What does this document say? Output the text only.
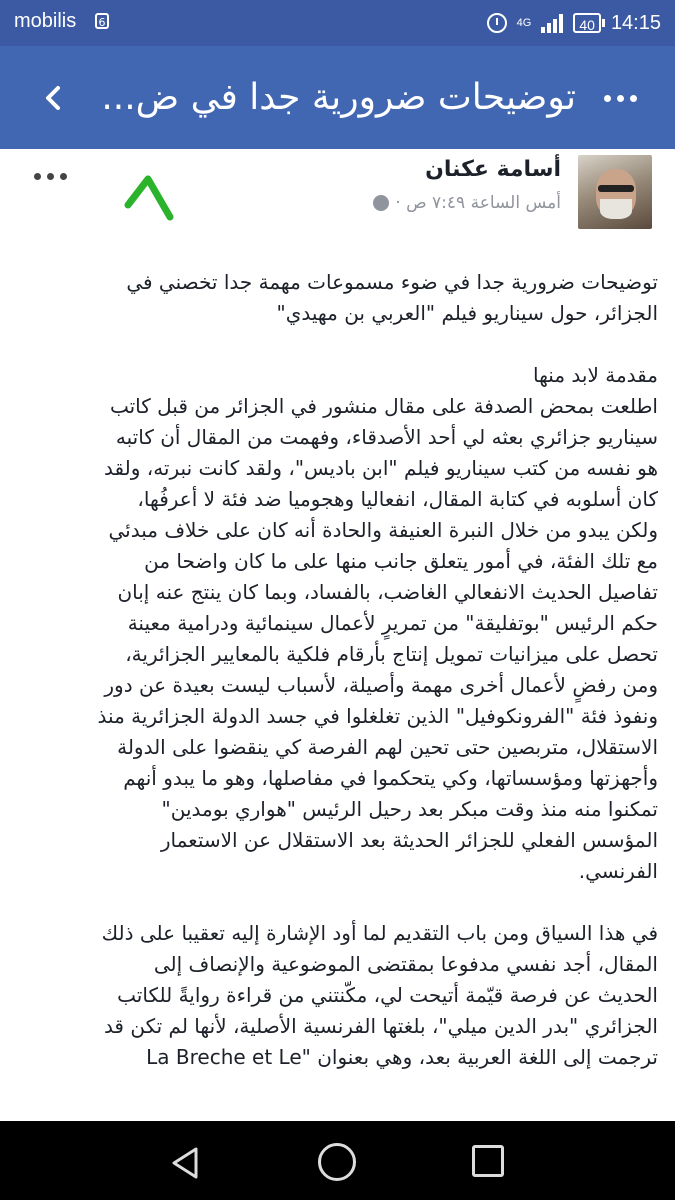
mobilis	6	4G	40 14:15
توضيحات ضرورية جدا في ض...
أسامة عكنان
أمس الساعة ٧:٤٩ ص ·

توضيحات ضرورية جدا في ضوء مسموعات مهمة جدا تخصني في
الجزائر، حول سيناريو فيلم "العربي بن مهيدي"

مقدمة لابد منها
اطلعت بمحض الصدفة على مقال منشور في الجزائر من قبل كاتب
سيناريو جزائري بعثه لي أحد الأصدقاء، وفهمت من المقال أن كاتبه
هو نفسه من كتب سيناريو فيلم "ابن باديس"، ولقد كانت نبرته، ولقد
كان أسلوبه في كتابة المقال، انفعاليا وهجوميا ضد فئة لا أعرفُها،
ولكن يبدو من خلال النبرة العنيفة والحادة أنه كان على خلاف مبدئي
مع تلك الفئة، في أمور يتعلق جانب منها على ما كان واضحا من
تفاصيل الحديث الانفعالي الغاضب، بالفساد، وبما كان ينتج عنه إبان
حكم الرئيس "بوتفليقة" من تمريرٍ لأعمال سينمائية ودرامية معينة
تحصل على ميزانيات تمويل إنتاج بأرقام فلكية بالمعايير الجزائرية،
ومن رفضٍ لأعمال أخرى مهمة وأصيلة، لأسباب ليست بعيدة عن دور
ونفوذ فئة "الفرونكوفيل" الذين تغلغلوا في جسد الدولة الجزائرية منذ
الاستقلال، متربصين حتى تحين لهم الفرصة كي ينقضوا على الدولة
وأجهزتها ومؤسساتها، وكي يتحكموا في مفاصلها، وهو ما يبدو أنهم
تمكنوا منه منذ وقت مبكر بعد رحيل الرئيس "هواري بومدين"
المؤسس الفعلي للجزائر الحديثة بعد الاستقلال عن الاستعمار
الفرنسي.

في هذا السياق ومن باب التقديم لما أود الإشارة إليه تعقيبا على ذلك
المقال، أجد نفسي مدفوعا بمقتضى الموضوعية والإنصاف إلى
الحديث عن فرصة قيّمة أتيحت لي، مكّنتني من قراءة روايةً للكاتب
الجزائري "بدر الدين ميلي"، بلغتها الفرنسية الأصلية، لأنها لم تكن قد
ترجمت إلى اللغة العربية بعد، وهي بعنوان "La Breche et Le
